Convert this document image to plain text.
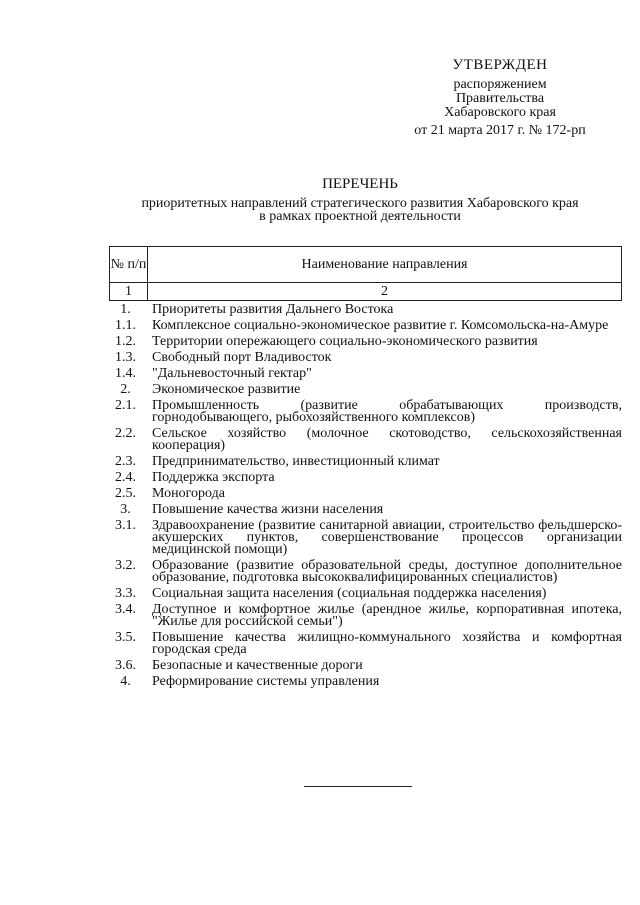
УТВЕРЖДЕН
распоряжением
Правительства
Хабаровского края
от 21 марта 2017 г. № 172-рп
ПЕРЕЧЕНЬ
приоритетных направлений стратегического развития Хабаровского края
в рамках проектной деятельности
№ п/п	Наименование направления
1	2
1.	Приоритеты развития Дальнего Востока
1.1.	Комплексное социально-экономическое развитие г. Комсомольска-на-Амуре
1.2.	Территории опережающего социально-экономического развития
1.3.	Свободный порт Владивосток
1.4.	"Дальневосточный гектар"
2.	Экономическое развитие
2.1.	Промышленность (развитие обрабатывающих производств, горнодобывающего, рыбохозяйственного комплексов)
2.2.	Сельское хозяйство (молочное скотоводство, сельскохозяйственная кооперация)
2.3.	Предпринимательство, инвестиционный климат
2.4.	Поддержка экспорта
2.5.	Моногорода
3.	Повышение качества жизни населения
3.1.	Здравоохранение (развитие санитарной авиации, строительство фельдшерско-акушерских пунктов, совершенствование процессов организации медицинской помощи)
3.2.	Образование (развитие образовательной среды, доступное дополнительное образование, подготовка высококвалифицированных специалистов)
3.3.	Социальная защита населения (социальная поддержка населения)
3.4.	Доступное и комфортное жилье (арендное жилье, корпоративная ипотека, "Жилье для российской семьи")
3.5.	Повышение качества жилищно-коммунального хозяйства и комфортная городская среда
3.6.	Безопасные и качественные дороги
4.	Реформирование системы управления
